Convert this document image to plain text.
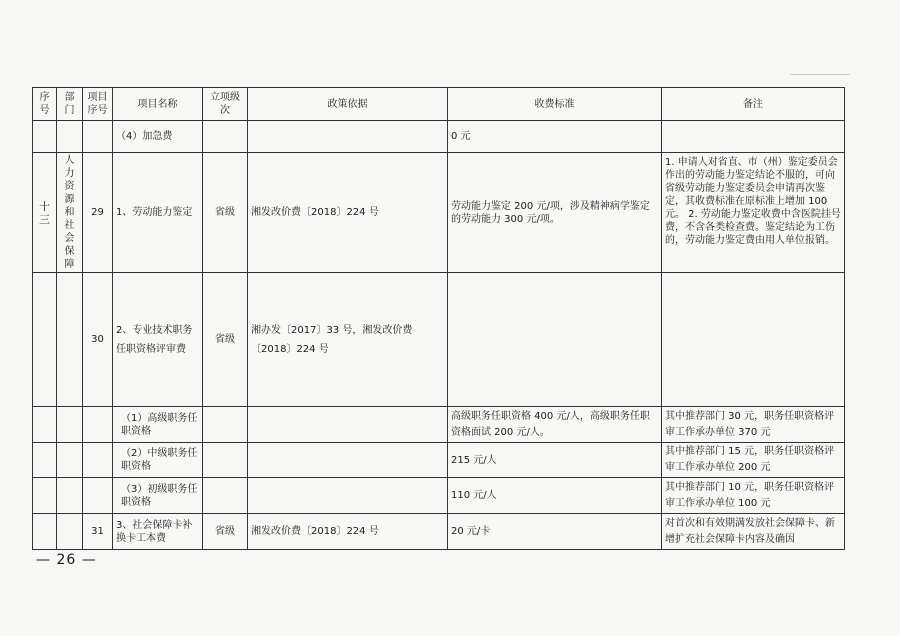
序号	部门	项目序号	项目名称	立项级次	政策依据	收费标准	备注
			（4）加急费			0 元	
十三	人力资源和社会保障	29	1、劳动能力鉴定	省级	湘发改价费〔2018〕224 号	劳动能力鉴定 200 元/项，涉及精神病学鉴定的劳动能力 300 元/项。	1. 申请人对省直、市（州）鉴定委员会作出的劳动能力鉴定结论不服的，可向省级劳动能力鉴定委员会申请再次鉴定，其收费标准在原标准上增加 100 元。 2. 劳动能力鉴定收费中含医院挂号费，不含各类检查费。鉴定结论为工伤的，劳动能力鉴定费由用人单位报销。
		30	2、专业技术职务任职资格评审费	省级	湘办发〔2017〕33 号，湘发改价费〔2018〕224 号		
			（1）高级职务任职资格			高级职务任职资格 400 元/人，高级职务任职资格面试 200 元/人。	其中推荐部门 30 元，职务任职资格评审工作承办单位 370 元
			（2）中级职务任职资格			215 元/人	其中推荐部门 15 元，职务任职资格评审工作承办单位 200 元
			（3）初级职务任职资格			110 元/人	其中推荐部门 10 元，职务任职资格评审工作承办单位 100 元
		31	3、社会保障卡补换卡工本费	省级	湘发改价费〔2018〕224 号	20 元/卡	对首次和有效期满发放社会保障卡、新增扩充社会保障卡内容及确因
— 26 —
